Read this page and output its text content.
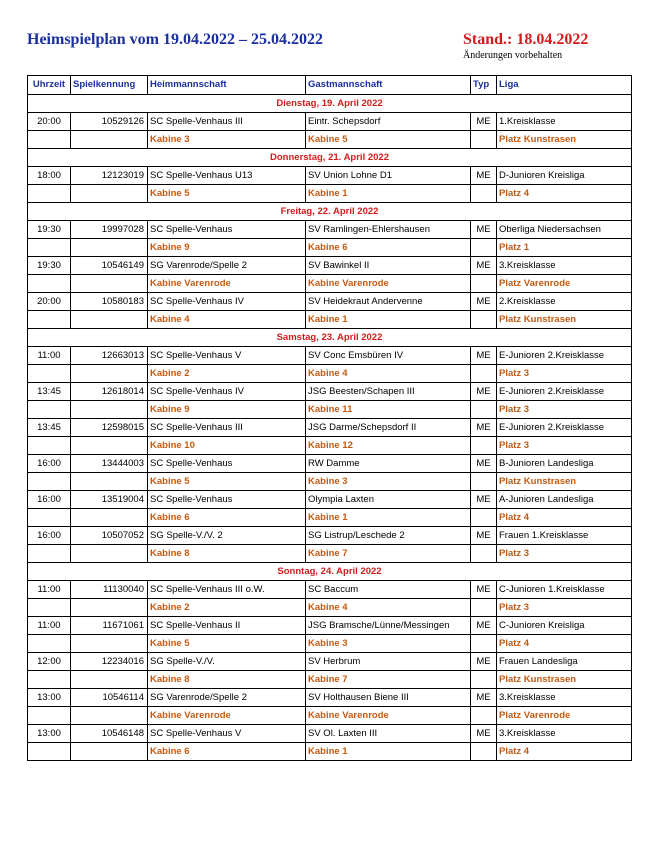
Heimspielplan vom 19.04.2022 – 25.04.2022	Stand.: 18.04.2022
Änderungen vorbehalten
Uhrzeit	Spielkennung	Heimmannschaft	Gastmannschaft	Typ	Liga
Dienstag, 19. April 2022					
20:00	10529126	SC Spelle-Venhaus III	Eintr. Schepsdorf	ME	1.Kreisklasse
		Kabine 3	Kabine 5		Platz Kunstrasen
Donnerstag, 21. April 2022					
18:00	12123019	SC Spelle-Venhaus U13	SV Union Lohne D1	ME	D-Junioren Kreisliga
		Kabine 5	Kabine 1		Platz 4
Freitag, 22. April 2022					
19:30	19997028	SC Spelle-Venhaus	SV Ramlingen-Ehlershausen	ME	Oberliga Niedersachsen
		Kabine 9	Kabine 6		Platz 1
19:30	10546149	SG Varenrode/Spelle 2	SV Bawinkel II	ME	3.Kreisklasse
		Kabine Varenrode	Kabine Varenrode		Platz Varenrode
20:00	10580183	SC Spelle-Venhaus IV	SV Heidekraut Andervenne	ME	2.Kreisklasse
		Kabine 4	Kabine 1		Platz Kunstrasen
Samstag, 23. April 2022					
11:00	12663013	SC Spelle-Venhaus V	SV Conc Emsbüren IV	ME	E-Junioren 2.Kreisklasse
		Kabine 2	Kabine 4		Platz 3
13:45	12618014	SC Spelle-Venhaus IV	JSG Beesten/Schapen III	ME	E-Junioren 2.Kreisklasse
		Kabine 9	Kabine 11		Platz 3
13:45	12598015	SC Spelle-Venhaus III	JSG Darme/Schepsdorf II	ME	E-Junioren 2.Kreisklasse
		Kabine 10	Kabine 12		Platz 3
16:00	13444003	SC Spelle-Venhaus	RW Damme	ME	B-Junioren Landesliga
		Kabine 5	Kabine 3		Platz Kunstrasen
16:00	13519004	SC Spelle-Venhaus	Olympia Laxten	ME	A-Junioren Landesliga
		Kabine 6	Kabine 1		Platz 4
16:00	10507052	SG Spelle-V./V. 2	SG Listrup/Leschede 2	ME	Frauen 1.Kreisklasse
		Kabine 8	Kabine 7		Platz 3
Sonntag, 24. April 2022					
11:00	11130040	SC Spelle-Venhaus III o.W.	SC Baccum	ME	C-Junioren 1.Kreisklasse
		Kabine 2	Kabine 4		Platz 3
11:00	11671061	SC Spelle-Venhaus II	JSG Bramsche/Lünne/Messingen	ME	C-Junioren Kreisliga
		Kabine 5	Kabine 3		Platz 4
12:00	12234016	SG Spelle-V./V.	SV Herbrum	ME	Frauen Landesliga
		Kabine 8	Kabine 7		Platz Kunstrasen
13:00	10546114	SG Varenrode/Spelle 2	SV Holthausen Biene III	ME	3.Kreisklasse
		Kabine Varenrode	Kabine Varenrode		Platz Varenrode
13:00	10546148	SC Spelle-Venhaus V	SV Ol. Laxten III	ME	3.Kreisklasse
		Kabine 6	Kabine 1		Platz 4
